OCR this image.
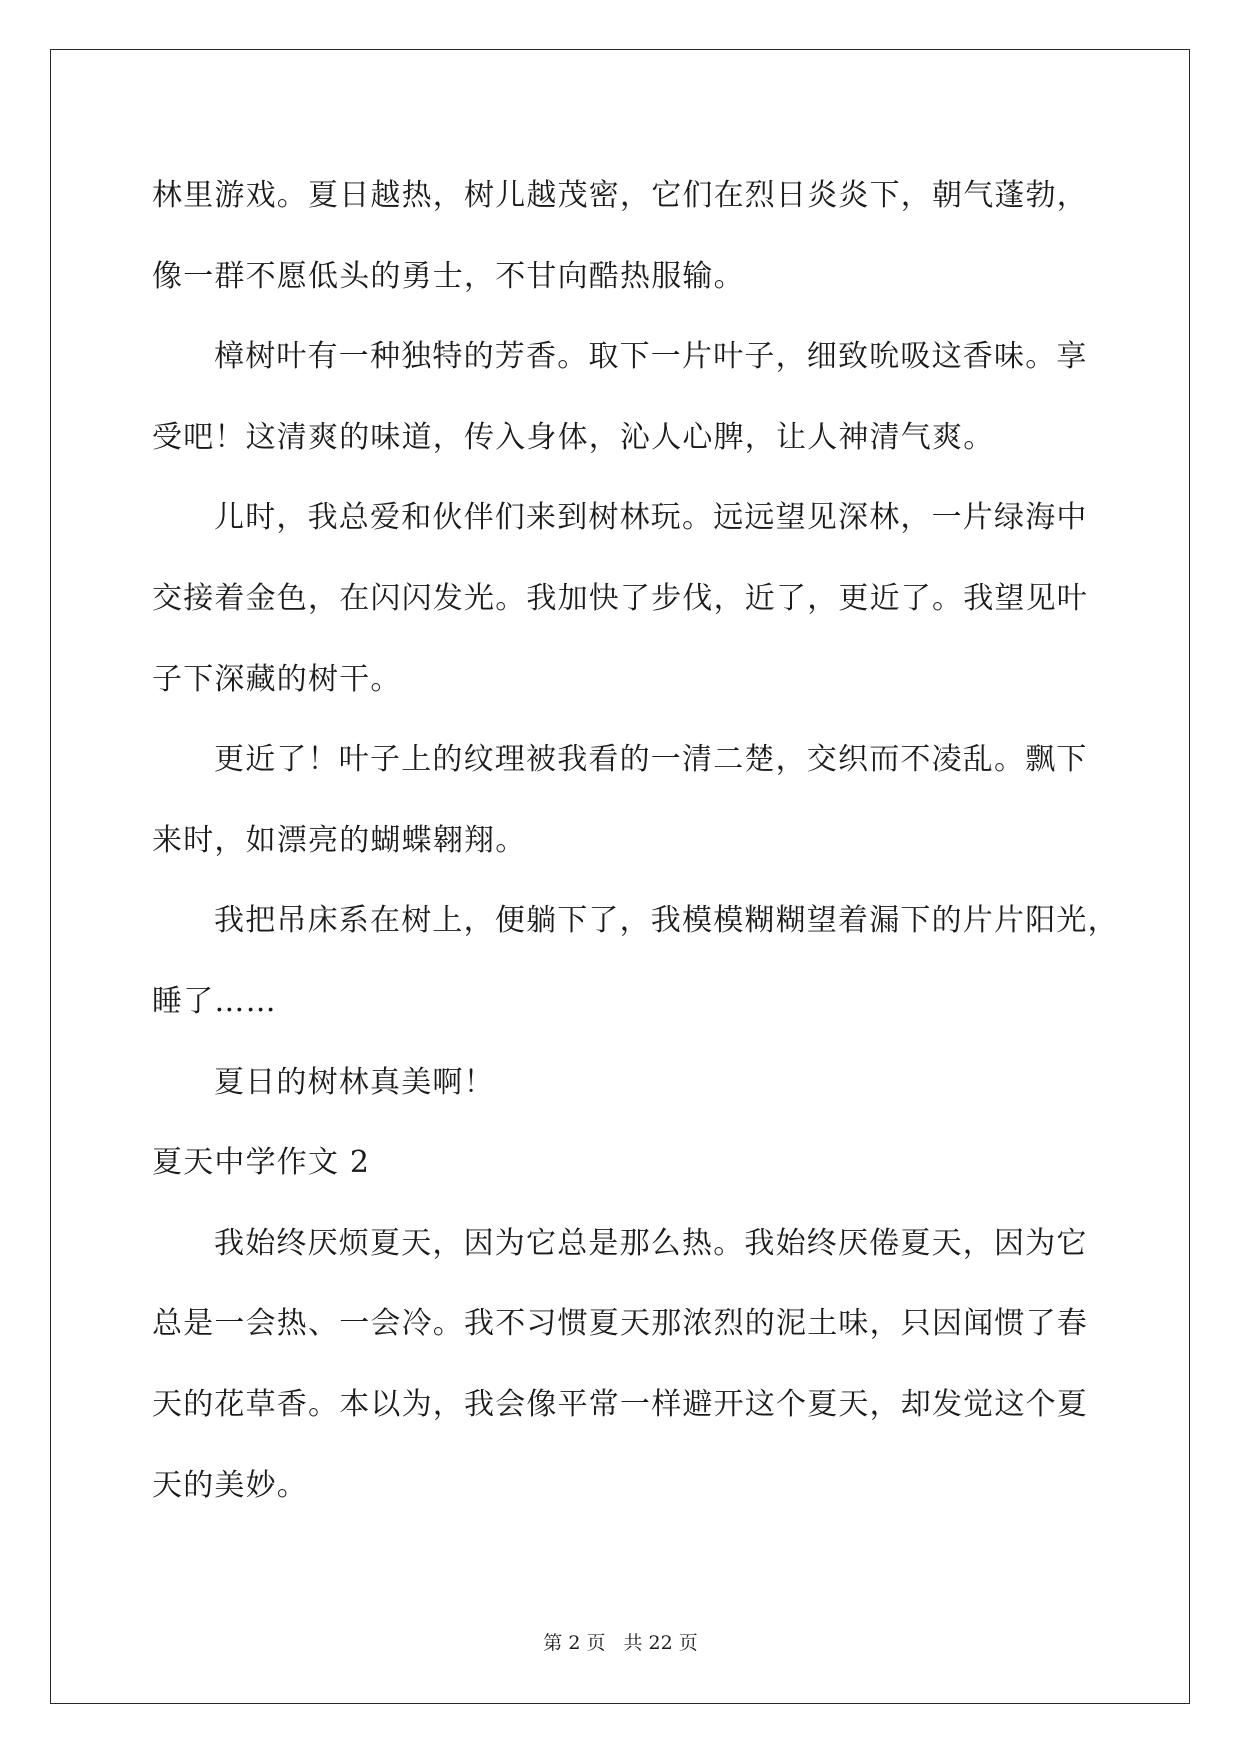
林里游戏。夏日越热，树儿越茂密，它们在烈日炎炎下，朝气蓬勃，
像一群不愿低头的勇士，不甘向酷热服输。
樟树叶有一种独特的芳香。取下一片叶子，细致吮吸这香味。享
受吧！这清爽的味道，传入身体，沁人心脾，让人神清气爽。
儿时，我总爱和伙伴们来到树林玩。远远望见深林，一片绿海中
交接着金色，在闪闪发光。我加快了步伐，近了，更近了。我望见叶
子下深藏的树干。
更近了！叶子上的纹理被我看的一清二楚，交织而不凌乱。飘下
来时，如漂亮的蝴蝶翱翔。
我把吊床系在树上，便躺下了，我模模糊糊望着漏下的片片阳光，
睡了……
夏日的树林真美啊！
夏天中学作文 2
我始终厌烦夏天，因为它总是那么热。我始终厌倦夏天，因为它
总是一会热、一会冷。我不习惯夏天那浓烈的泥土味，只因闻惯了春
天的花草香。本以为，我会像平常一样避开这个夏天，却发觉这个夏
天的美妙。
第 2 页 共 22 页
